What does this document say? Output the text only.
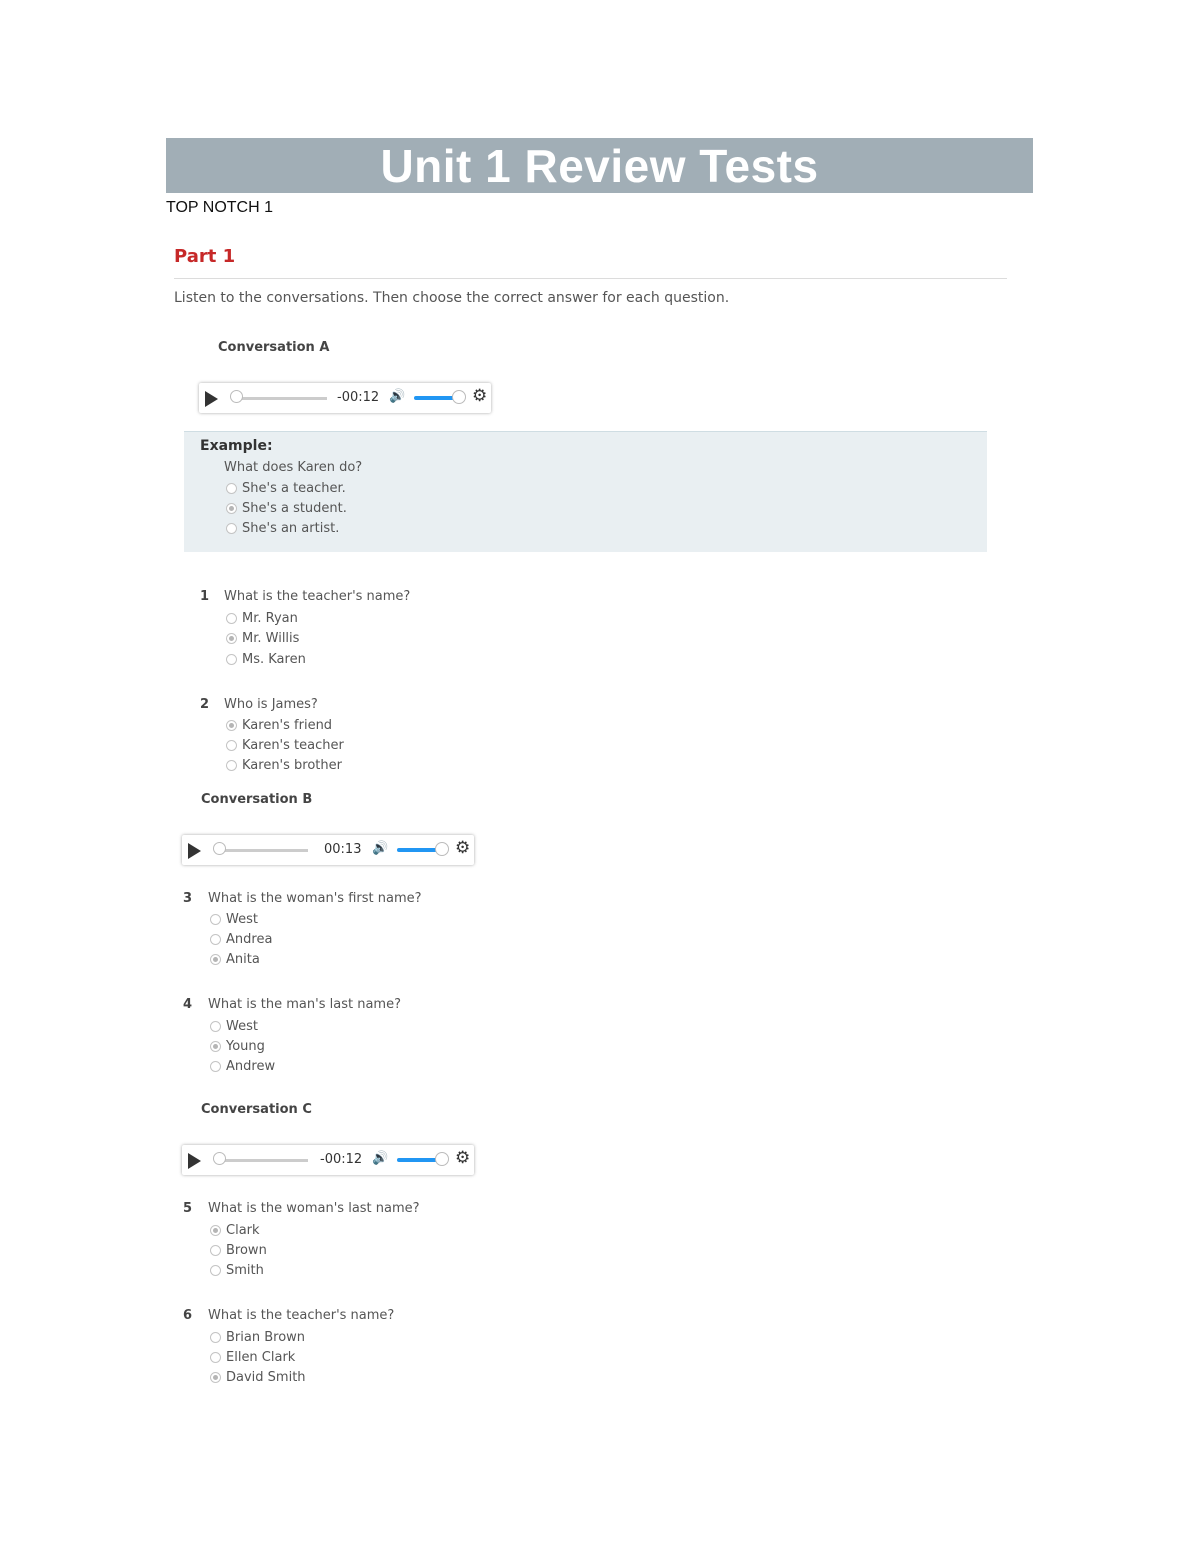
Unit 1 Review Tests
TOP NOTCH 1
Part 1
Listen to the conversations. Then choose the correct answer for each question.
Conversation A
-00:12 🔊	⚙
Example:
What does Karen do?
She's a teacher.
She's a student.
She's an artist.
1 What is the teacher's name?
Mr. Ryan
Mr. Willis
Ms. Karen
2 Who is James?
Karen's friend
Karen's teacher
Karen's brother
Conversation B
00:13 🔊	⚙
3 What is the woman's first name?
West
Andrea
Anita
4 What is the man's last name?
West
Young
Andrew
Conversation C
-00:12 🔊	⚙
5 What is the woman's last name?
Clark
Brown
Smith
6 What is the teacher's name?
Brian Brown
Ellen Clark
David Smith
